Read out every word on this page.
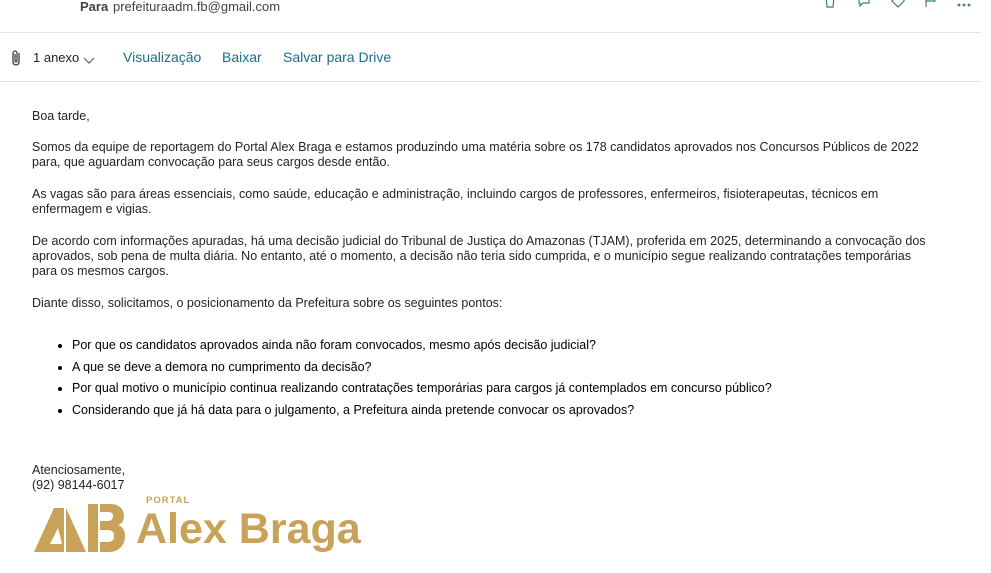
Para prefeituraadm.fb@gmail.com
1 anexo	Visualização Baixar Salvar para Drive

Boa tarde,

Somos da equipe de reportagem do Portal Alex Braga e estamos produzindo uma matéria sobre os 178 candidatos aprovados nos Concursos Públicos de 2022 para, que aguardam convocação para seus cargos desde então.

As vagas são para áreas essenciais, como saúde, educação e administração, incluindo cargos de professores, enfermeiros, fisioterapeutas, técnicos em enfermagem e vigias.

De acordo com informações apuradas, há uma decisão judicial do Tribunal de Justiça do Amazonas (TJAM), proferida em 2025, determinando a convocação dos aprovados, sob pena de multa diária. No entanto, até o momento, a decisão não teria sido cumprida, e o município segue realizando contratações temporárias para os mesmos cargos.

Diante disso, solicitamos, o posicionamento da Prefeitura sobre os seguintes pontos:

• Por que os candidatos aprovados ainda não foram convocados, mesmo após decisão judicial?
• A que se deve a demora no cumprimento da decisão?
• Por qual motivo o município continua realizando contratações temporárias para cargos já contemplados em concurso público?
• Considerando que já há data para o julgamento, a Prefeitura ainda pretende convocar os aprovados?
Atenciosamente,
(92) 98144-6017
PORTAL
Alex Braga
